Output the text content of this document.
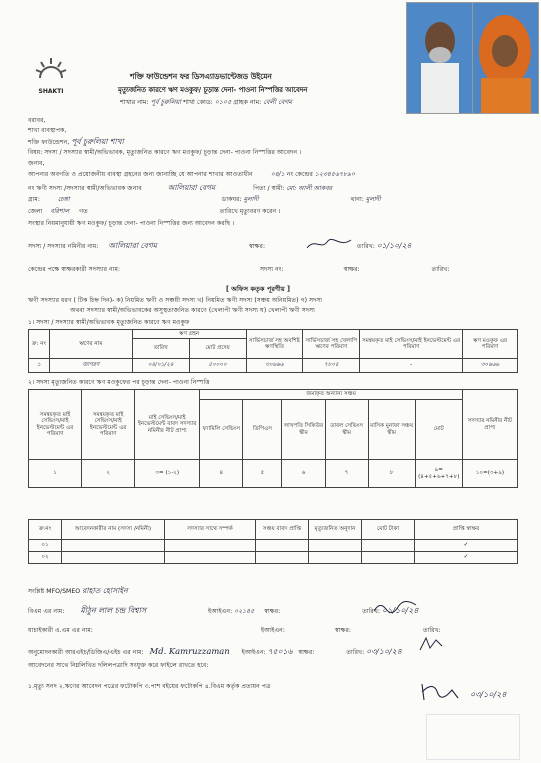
SHAKTI
শক্তি ফাউন্ডেশন ফর ডিসএ্যাডভান্টেজড উইমেন
মৃত্যুজনিত কারণে ঋণ মওকুফ/ চূড়ান্ত দেনা- পাওনা নিস্পত্তির আবেদন
শাখার নাম: পূর্ব চুরুলিয়া শাখা কোড: ০১০৫ গ্রাহক নাম: বেলী বেগম
বরাবর,
শাখা ব্যবস্থাপক,
শক্তি ফাউন্ডেশন, পূর্ব চুরুলিয়া শাখা
বিষয়: সদস্য / সদস্যার স্বামী/অভিভাবক, মৃত্যুজনিত কারণে ঋণ মওকুফ/ চূড়ান্ত দেনা- পাওনা নিস্পত্তির আবেদন ।
জনাব,
আপনার অবগতি ও প্রয়োজনীয় ব্যবস্থা গ্রহনের জন্য জানাচ্ছি যে আপনার শাখার আওতাধীন	০৪/১ নং কেন্দ্রের ১২৩৪৫৬৭৮৯০
নং ঋণী সদস্য /সদস্যার স্বামী/অভিভাবক জনাব	আলিয়ারা বেগম	পিতা / স্বামী: মো: আলী আকবর
গ্রাম:	চেঙ্গা	ডাকঘর: মুলাদী	থানা: মুলাদী
জেলা বরিশাল গত	তারিখে মৃত্যুবরণ করেন ।
সংস্থার নিয়মানুযায়ী ঋণ মওকুফ/ চূড়ান্ত দেনা- পাওনা নিস্পত্তির জন্য আবেদন করছি ।
সদস্য / সদস্যার নমিনীর নাম: আলিয়ারা বেগম	স্বাক্ষর:	তারিখ: ০১/১০/২৪
কেন্দ্রের পক্ষে স্বাক্ষরকারী সদস্যার নাম:	সদস্য নং:	স্বাক্ষর:	তারিখ:
[ অফিস কতৃক পূরণীয় ]
ঋণী সদস্যার ধরণ ( টিক চিহ্ন দিন)- ক) নিয়মিত ঋণী ও সঞ্চয়ী সদস্য খ) নিয়মিত ঋণী সদস্য (সঞ্চয় অনিয়মিত) গ) সদস্য
অথবা সদস্যার স্বামী/অভিভাবকের অসুস্থতাজনিত কারণে (খেলাপী ঋণী সদস্য ঘ) খেলাপী ঋণী সদস্য
১। সদস্য / সদস্যার স্বামী/অভিভাবক মৃত্যুজনিত কারণে ঋণ মওকুফ
ক্র: নং	ঋণের নাম	ঋণ গ্রহন		সার্ভিসচার্জ সহ অবশিষ্ট ঋণস্থিতি	সার্ভিসচার্জ সহ খেলাপি ঋণের পরিমাণ	সমন্বয়কৃত মাই সেভিংস/মাই ইনভেস্টমেন্ট এর পরিমাণ	ঋণ মওকুফ এর পরিমাণ
		তারিখ	মোট প্রদেয়				
১	জাগরণ	০৪/০১/২৪	৫০০০০	৩০৬৬৬	৭৮০৫	-	৩০৬৬৬
২। সদস্য মৃত্যুজনিত কারণে ঋণ মওকুফের পর চূড়ান্ত দেনা- পাওনা নিস্পত্তি
সমন্বয়কৃত মাই সেভিংস/মাই ইনভেস্টমেন্ট এর পরিমাণ	সমন্বয়কৃত মাই সেভিংস/মাই ইনভেস্টমেন্ট এর পরিমাণ	মাই সেভিংস/মাই ইনভেস্টমেন্ট বাবদ সদস্যার নমিনীর নীট প্রাপ্য	জমাকৃত অন্যান্য সঞ্চয়						সদস্যার নমিনীর নীট প্রাপ্য
			ফ্যামিলি সেভিংস	ডিপিএস	লাখপতি সিকিউর স্কীম	ডাবল সেভিংস স্কীম	মাসিক মুনাফা সঞ্চয় স্কীম	মোট	
১	২	৩= (১-২)	৪	৫	৬	৭	৮	৯=(৪+৫+৬+৭+৮)	১০=(৩+৯)
ক্র:নং	আবেদনকারীর নাম (সদস্য /নমিনী)	সদস্যার সাথে সম্পর্ক	সঞ্চয় বাবদ প্রাপ্তি	মৃত্যুজনিত অনুদান	মোট টাকা	প্রাপ্তি স্বাক্ষর
০১						✓
০২						✓
সংশ্লিষ্ট MFO/SMEO রাহাত হোসাইন
বিএম এর নাম: মীঠুন লাল চন্দ্র বিশ্বাস	ইআইএন: ০২১৪৫ স্বাক্ষর:	তারিখ: ০১/১০/২৪
যাচাইকারী এ.এম এর নাম:	ইআইএন:	স্বাক্ষর:	তারিখ:
অনুমোদনকারী আরএইচ/ডিজিএ/এইচ এর নাম: Md. Kamruzzaman ইআইএন: ৭৫০১৬ স্বাক্ষর:	তারিখ: ০৩/১০/২৪
আবেদনের সাথে নিম্নলিখিত দলিলপত্রাদি সংযুক্ত করে ফাইলে রাখতে হবে:
১.মৃত্যু সনদ ২.ঋণের আবেদন পত্রের ফটোকপি ৩.পাশ বইয়ের ফটোকপি ৪.বিএম কর্তৃক প্রত্যয়ন পত্র
০৩/১০/২৪
